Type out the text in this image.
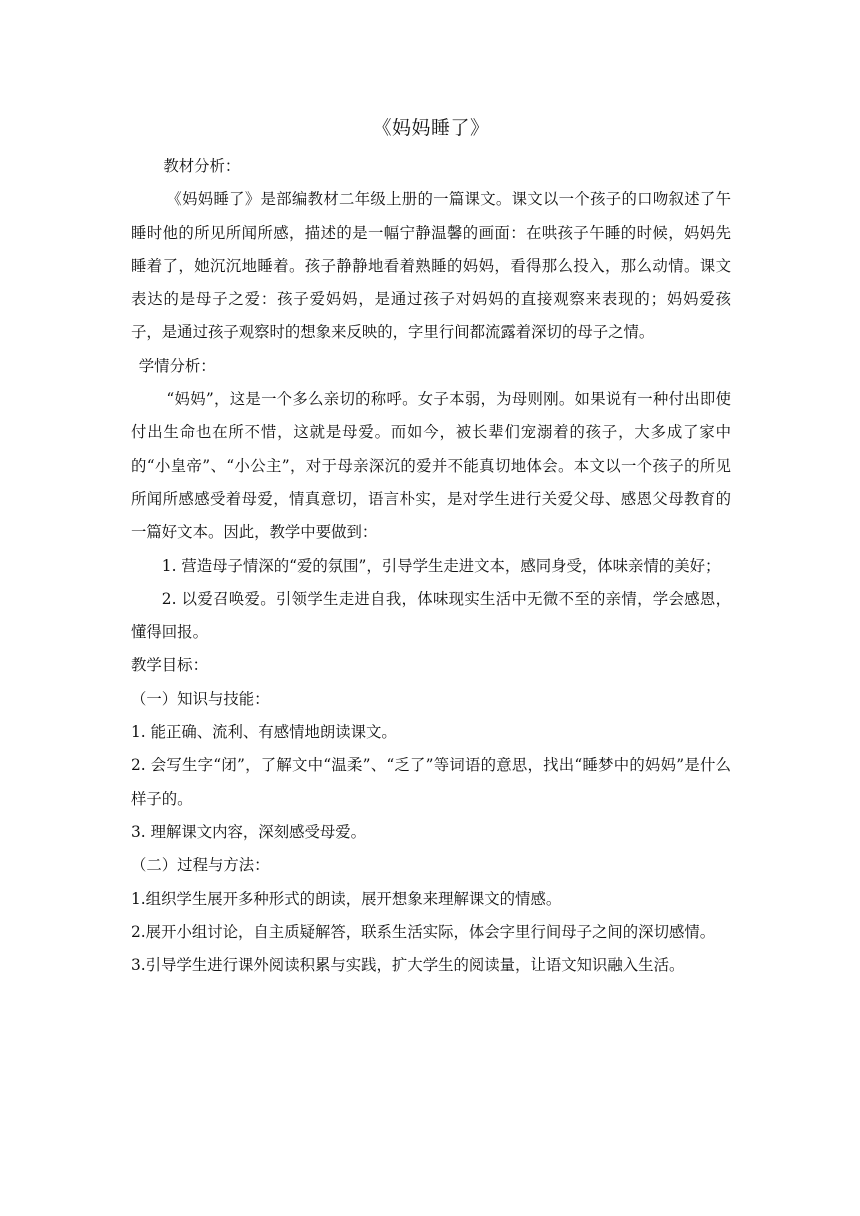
《妈妈睡了》

教材分析：

《妈妈睡了》是部编教材二年级上册的一篇课文。课文以一个孩子的口吻叙述了午睡时他的所见所闻所感，描述的是一幅宁静温馨的画面：在哄孩子午睡的时候，妈妈先睡着了，她沉沉地睡着。孩子静静地看着熟睡的妈妈，看得那么投入，那么动情。课文表达的是母子之爱：孩子爱妈妈，是通过孩子对妈妈的直接观察来表现的；妈妈爱孩子，是通过孩子观察时的想象来反映的，字里行间都流露着深切的母子之情。

学情分析：

“妈妈”，这是一个多么亲切的称呼。女子本弱，为母则刚。如果说有一种付出即使付出生命也在所不惜，这就是母爱。而如今，被长辈们宠溺着的孩子，大多成了家中的“小皇帝”、“小公主”，对于母亲深沉的爱并不能真切地体会。本文以一个孩子的所见所闻所感感受着母爱，情真意切，语言朴实，是对学生进行关爱父母、感恩父母教育的一篇好文本。因此，教学中要做到：

1. 营造母子情深的“爱的氛围”，引导学生走进文本，感同身受，体味亲情的美好；

2. 以爱召唤爱。引领学生走进自我，体味现实生活中无微不至的亲情，学会感恩，懂得回报。

教学目标：

（一）知识与技能：

1. 能正确、流利、有感情地朗读课文。

2. 会写生字“闭”，了解文中“温柔”、“乏了”等词语的意思，找出“睡梦中的妈妈”是什么样子的。

3. 理解课文内容，深刻感受母爱。

（二）过程与方法：

1.组织学生展开多种形式的朗读，展开想象来理解课文的情感。

2.展开小组讨论，自主质疑解答，联系生活实际，体会字里行间母子之间的深切感情。

3.引导学生进行课外阅读积累与实践，扩大学生的阅读量，让语文知识融入生活。
